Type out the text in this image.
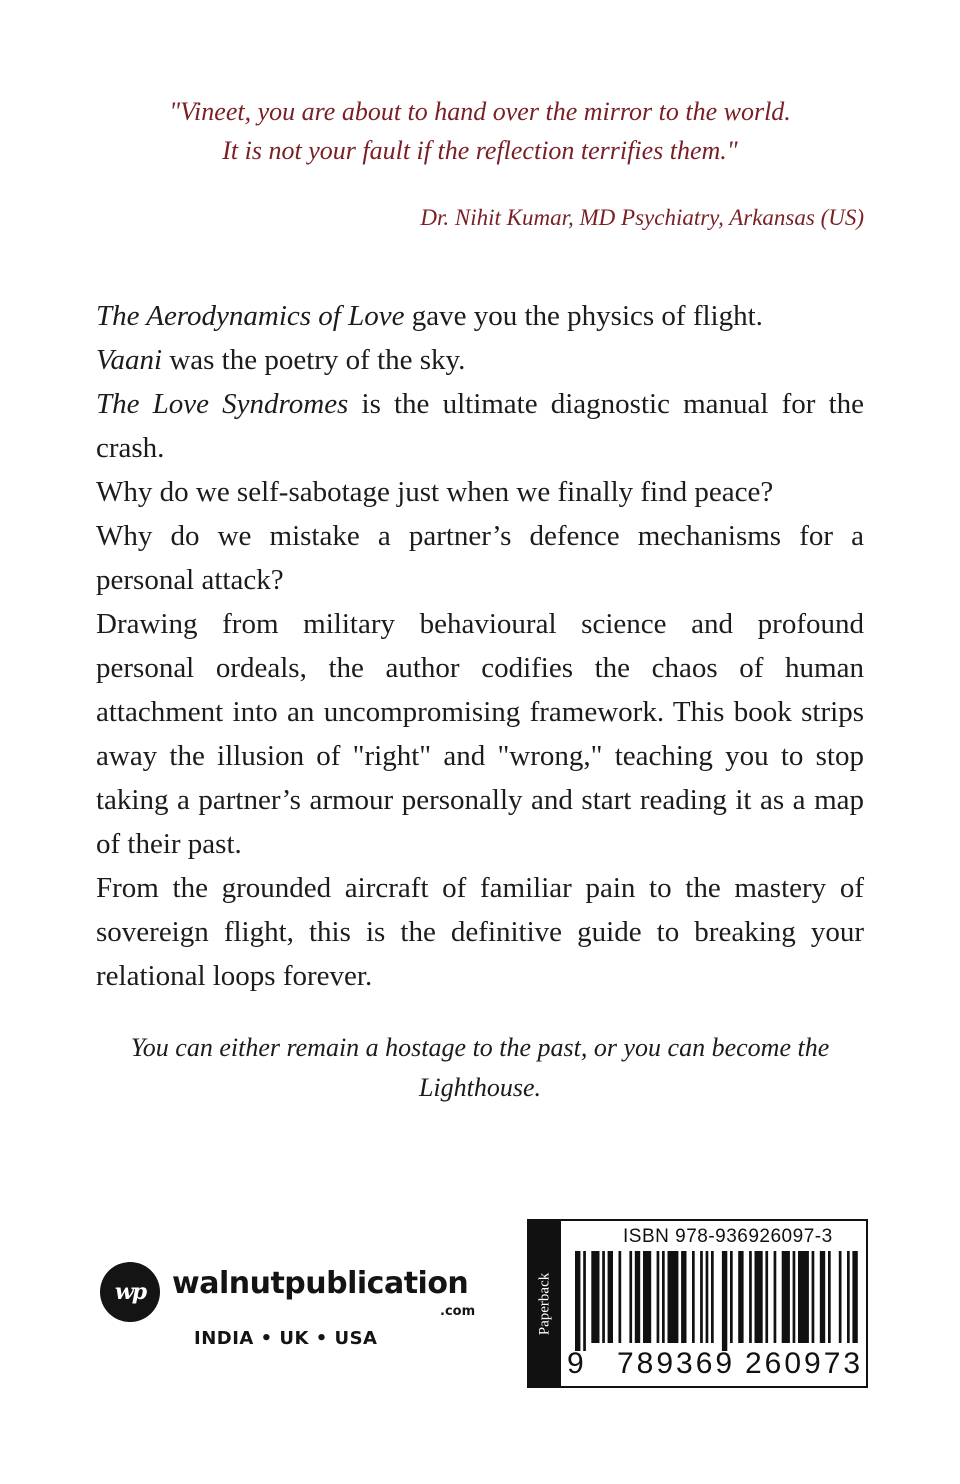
"Vineet, you are about to hand over the mirror to the world.

It is not your fault if the reflection terrifies them."

Dr. Nihit Kumar, MD Psychiatry, Arkansas (US)

The Aerodynamics of Love gave you the physics of flight.

Vaani was the poetry of the sky.

The Love Syndromes is the ultimate diagnostic manual for the crash.

Why do we self-sabotage just when we finally find peace?

Why do we mistake a partner’s defence mechanisms for a personal attack?

Drawing from military behavioural science and profound personal ordeals, the author codifies the chaos of human attachment into an uncompromising framework. This book strips away the illusion of "right" and "wrong," teaching you to stop taking a partner’s armour personally and start reading it as a map of their past.

From the grounded aircraft of familiar pain to the mastery of sovereign flight, this is the definitive guide to breaking your relational loops forever.

You can either remain a hostage to the past, or you can become the

Lighthouse.

wp walnutpublication
.com
INDIA • UK • USA
Paperback
ISBN 978-936926097-3
9 789369 260973
